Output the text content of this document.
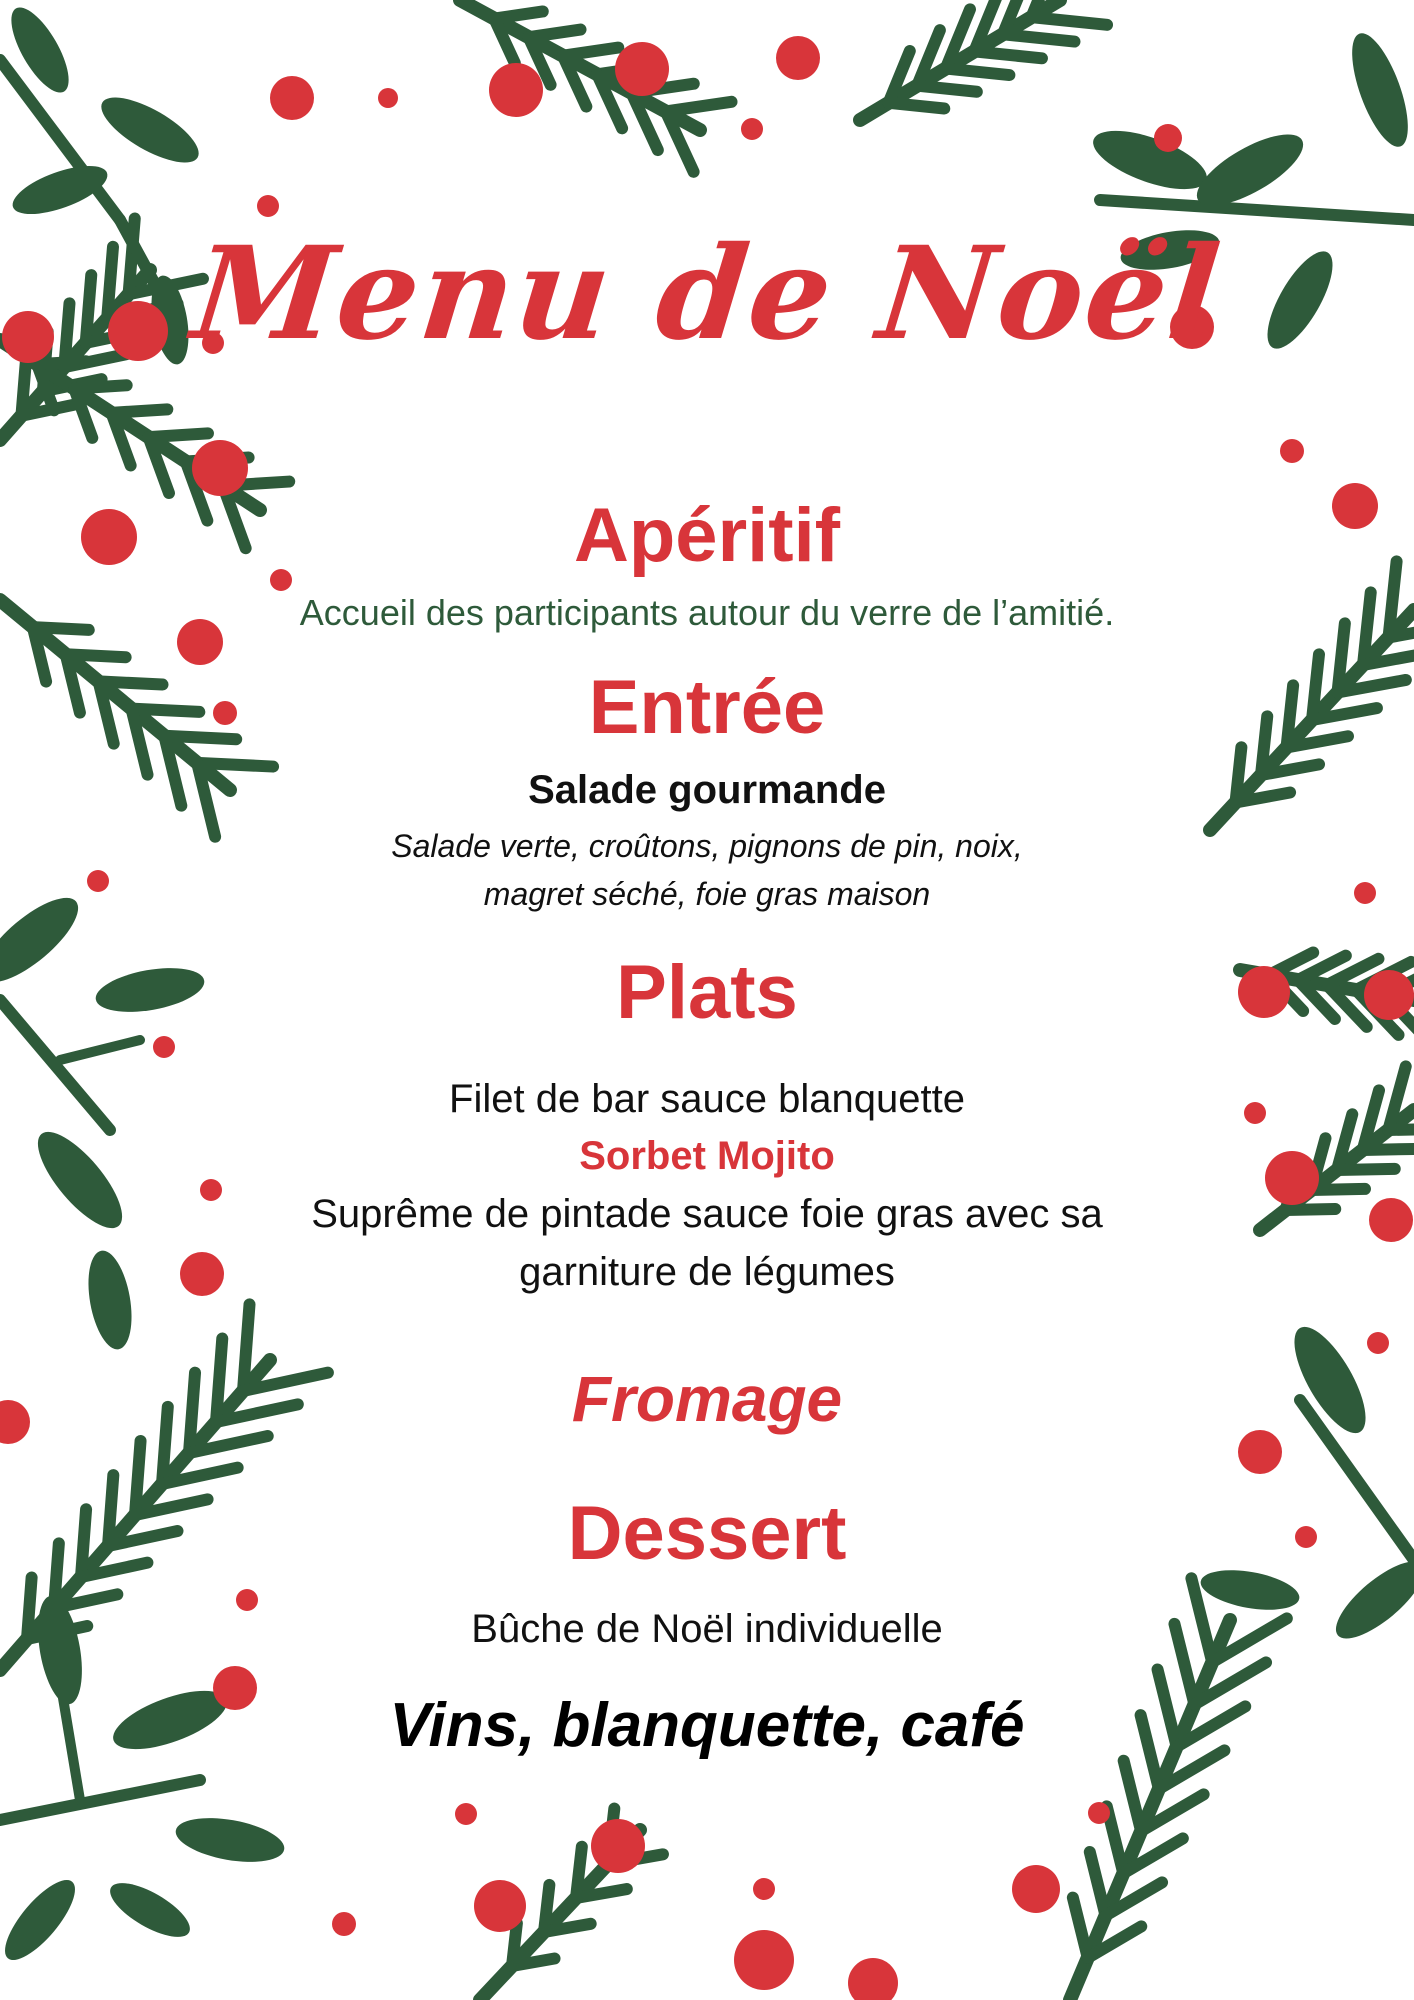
Menu de Noël
Apéritif
Accueil des participants autour du verre de l’amitié.
Entrée
Salade gourmande
Salade verte, croûtons, pignons de pin, noix,
magret séché, foie gras maison
Plats
Filet de bar sauce blanquette
Sorbet Mojito
Suprême de pintade sauce foie gras avec sa
garniture de légumes
Fromage
Dessert
Bûche de Noël individuelle
Vins, blanquette, café
